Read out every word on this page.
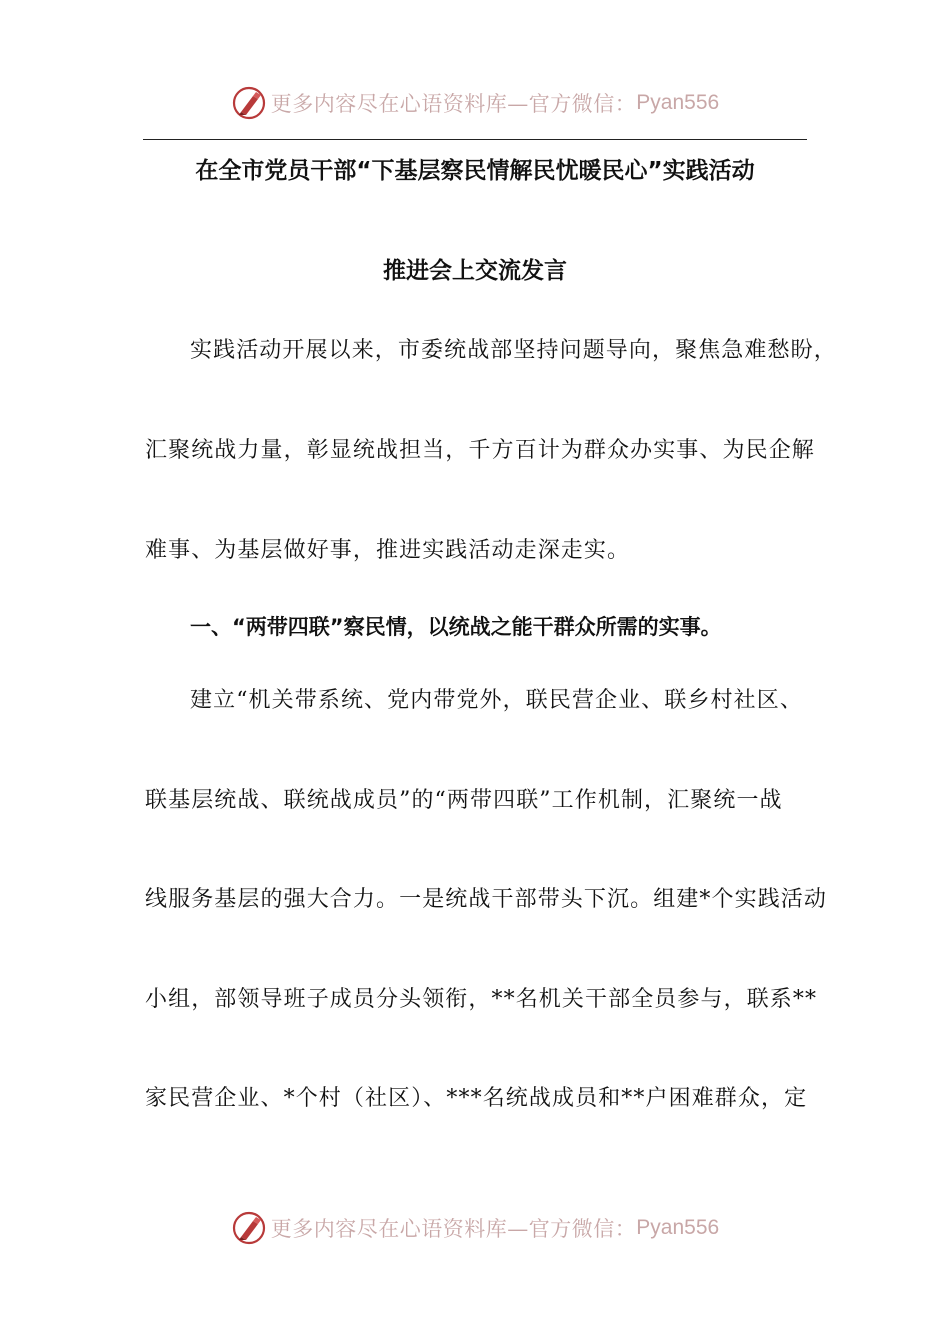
更多内容尽在心语资料库—官方微信： Pyan556
在全市党员干部“下基层察民情解民忧暖民心”实践活动
推进会上交流发言
实践活动开展以来，市委统战部坚持问题导向，聚焦急难愁盼，
汇聚统战力量，彰显统战担当，千方百计为群众办实事、为民企解
难事、为基层做好事，推进实践活动走深走实。
一、“两带四联”察民情，以统战之能干群众所需的实事。
建立“机关带系统、党内带党外，联民营企业、联乡村社区、
联基层统战、联统战成员”的“两带四联”工作机制，汇聚统一战
线服务基层的强大合力。一是统战干部带头下沉。组建*个实践活动
小组，部领导班子成员分头领衔，**名机关干部全员参与，联系**
家民营企业、*个村（社区）、***名统战成员和**户困难群众，定
更多内容尽在心语资料库—官方微信： Pyan556
